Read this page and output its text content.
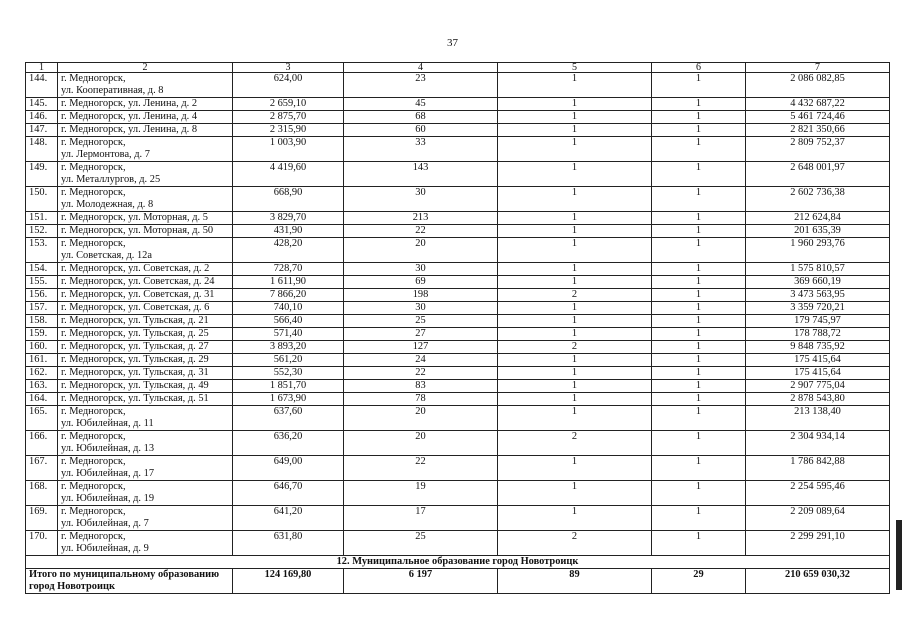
37
1	2	3	4	5	6	7
144.	г. Медногорск,
ул. Кооперативная, д. 8	624,00	23	1	1	2 086 082,85
145.	г. Медногорск, ул. Ленина, д. 2	2 659,10	45	1	1	4 432 687,22
146.	г. Медногорск, ул. Ленина, д. 4	2 875,70	68	1	1	5 461 724,46
147.	г. Медногорск, ул. Ленина, д. 8	2 315,90	60	1	1	2 821 350,66
148.	г. Медногорск,
ул. Лермонтова, д. 7	1 003,90	33	1	1	2 809 752,37
149.	г. Медногорск,
ул. Металлургов, д. 25	4 419,60	143	1	1	2 648 001,97
150.	г. Медногорск,
ул. Молодежная, д. 8	668,90	30	1	1	2 602 736,38
151.	г. Медногорск, ул. Моторная, д. 5	3 829,70	213	1	1	212 624,84
152.	г. Медногорск, ул. Моторная, д. 50	431,90	22	1	1	201 635,39
153.	г. Медногорск,
ул. Советская, д. 12а	428,20	20	1	1	1 960 293,76
154.	г. Медногорск, ул. Советская, д. 2	728,70	30	1	1	1 575 810,57
155.	г. Медногорск, ул. Советская, д. 24	1 611,90	69	1	1	369 660,19
156.	г. Медногорск, ул. Советская, д. 31	7 866,20	198	2	1	3 473 563,95
157.	г. Медногорск, ул. Советская, д. 6	740,10	30	1	1	3 359 720,21
158.	г. Медногорск, ул. Тульская, д. 21	566,40	25	1	1	179 745,97
159.	г. Медногорск, ул. Тульская, д. 25	571,40	27	1	1	178 788,72
160.	г. Медногорск, ул. Тульская, д. 27	3 893,20	127	2	1	9 848 735,92
161.	г. Медногорск, ул. Тульская, д. 29	561,20	24	1	1	175 415,64
162.	г. Медногорск, ул. Тульская, д. 31	552,30	22	1	1	175 415,64
163.	г. Медногорск, ул. Тульская, д. 49	1 851,70	83	1	1	2 907 775,04
164.	г. Медногорск, ул. Тульская, д. 51	1 673,90	78	1	1	2 878 543,80
165.	г. Медногорск,
ул. Юбилейная, д. 11	637,60	20	1	1	213 138,40
166.	г. Медногорск,
ул. Юбилейная, д. 13	636,20	20	2	1	2 304 934,14
167.	г. Медногорск,
ул. Юбилейная, д. 17	649,00	22	1	1	1 786 842,88
168.	г. Медногорск,
ул. Юбилейная, д. 19	646,70	19	1	1	2 254 595,46
169.	г. Медногорск,
ул. Юбилейная, д. 7	641,20	17	1	1	2 209 089,64
170.	г. Медногорск,
ул. Юбилейная, д. 9	631,80	25	2	1	2 299 291,10
12. Муниципальное образование город Новотроицк						

Итого по муниципальному образованию
город Новотроицк		124 169,80	6 197	89	29	210 659 030,32
